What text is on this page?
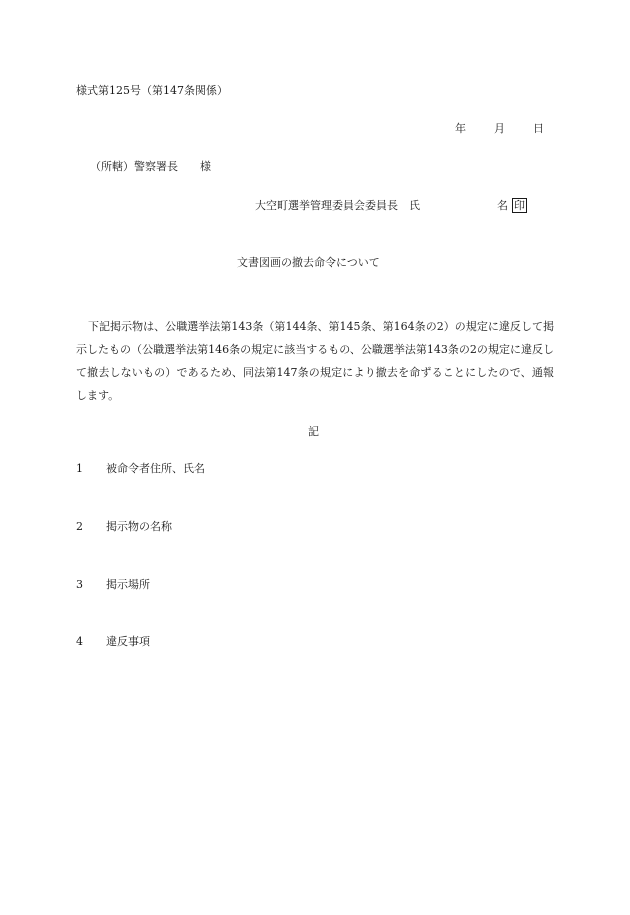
様式第125号（第147条関係）
年	月	日
（所轄）警察署長　　様
大空町選挙管理委員会委員長　氏　　　　　　　名 印
文書図画の撤去命令について
下記掲示物は、公職選挙法第143条（第144条、第145条、第164条の2）の規定に違反して掲示したもの（公職選挙法第146条の規定に該当するもの、公職選挙法第143条の2の規定に違反して撤去しないもの）であるため、同法第147条の規定により撤去を命ずることにしたので、通報します。
記
1 被命令者住所、氏名
2 掲示物の名称
3 掲示場所
4 違反事項
